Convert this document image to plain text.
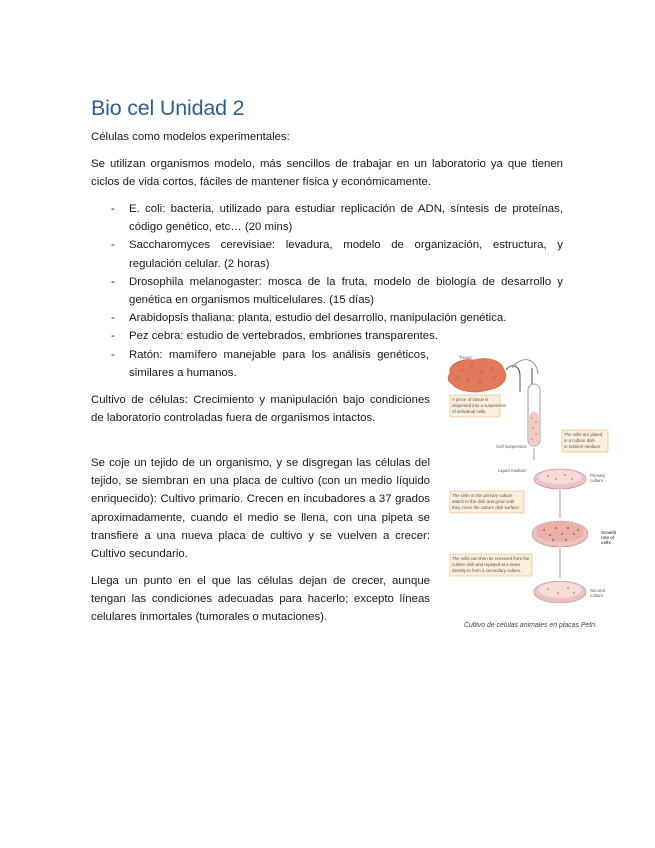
Bio cel Unidad 2

Células como modelos experimentales:

Se utilizan organismos modelo, más sencillos de trabajar en un laboratorio ya que tienen ciclos de vida cortos, fáciles de mantener física y económicamente.

- E. coli: bacteria, utilizado para estudiar replicación de ADN, síntesis de proteínas, código genético, etc… (20 mins)
- Saccharomyces cerevisiae: levadura, modelo de organización, estructura, y regulación celular. (2 horas)
- Drosophila melanogaster: mosca de la fruta, modelo de biología de desarrollo y genética en organismos multicelulares. (15 días)
- Arabidopsis thaliana: planta, estudio del desarrollo, manipulación genética.
- Pez cebra: estudio de vertebrados, embriones transparentes.
- Ratón: mamífero manejable para los análisis genéticos, similares a humanos.

Cultivo de células: Crecimiento y manipulación bajo condiciones de laboratorio controladas fuera de organismos intactos.

Se coje un tejido de un organismo, y se disgregan las células del tejido, se siembran en una placa de cultivo (con un medio líquido enriquecido): Cultivo primario. Crecen en incubadores a 37 grados aproximadamente, cuando el medio se llena, con una pipeta se transfiere a una nueva placa de cultivo y se vuelven a crecer: Cultivo secundario.

Llega un punto en el que las células dejan de crecer, aunque tengan las condiciones adecuadas para hacerlo; excepto líneas celulares inmortales (tumorales o mutaciones).

Tissue
A piece of tissue is
dispersed into a suspension
of individual cells.
Cell suspension
The cells are plated
in a culture dish
in nutrient medium.
Liquid medium
Primary
culture
The cells in this primary culture
attach to the dish and grow until
they cover the culture dish surface.
Growth
rate of
cells
The cells can then be removed from the
culture dish and replated at a lower
density to form a secondary culture.
Second
culture
Cultivo de células animales en placas Petri.
